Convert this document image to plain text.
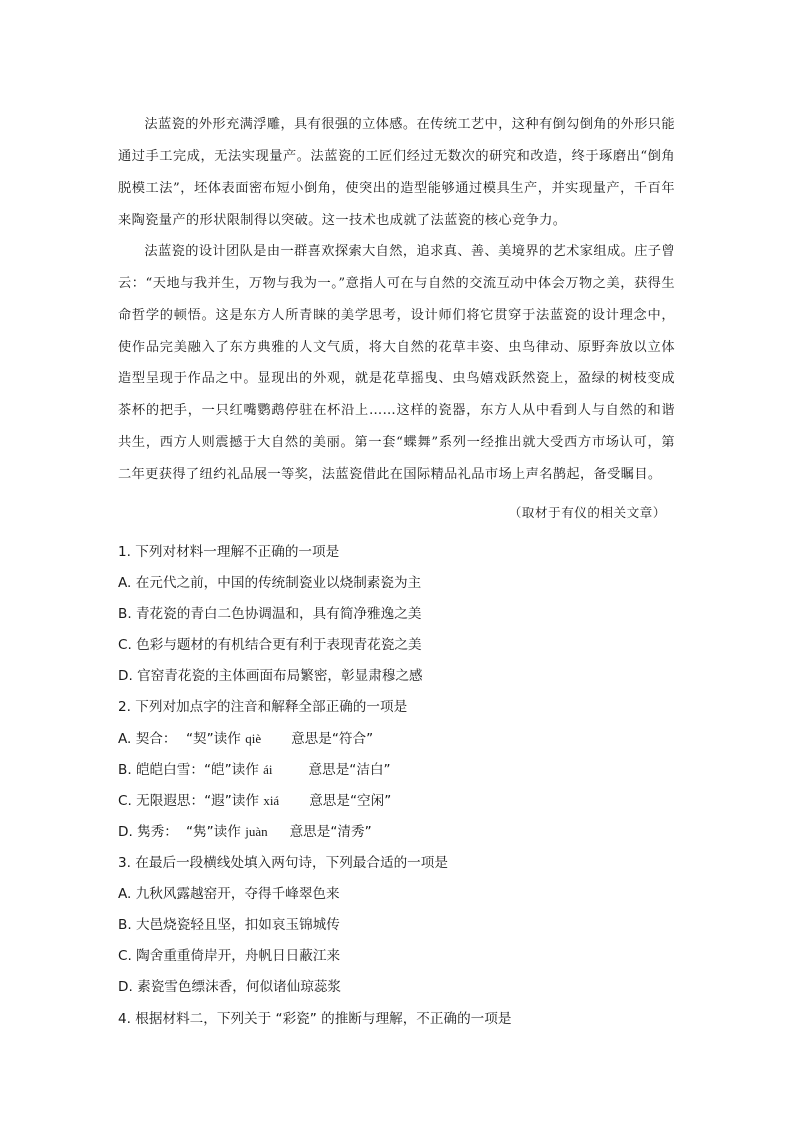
法蓝瓷的外形充满浮雕，具有很强的立体感。在传统工艺中，这种有倒勾倒角的外形只能通过手工完成，无法实现量产。法蓝瓷的工匠们经过无数次的研究和改造，终于琢磨出“倒角脱模工法”，坯体表面密布短小倒角，使突出的造型能够通过模具生产，并实现量产，千百年来陶瓷量产的形状限制得以突破。这一技术也成就了法蓝瓷的核心竞争力。

法蓝瓷的设计团队是由一群喜欢探索大自然，追求真、善、美境界的艺术家组成。庄子曾云：“天地与我并生，万物与我为一。”意指人可在与自然的交流互动中体会万物之美，获得生命哲学的顿悟。这是东方人所青睐的美学思考，设计师们将它贯穿于法蓝瓷的设计理念中，使作品完美融入了东方典雅的人文气质，将大自然的花草丰姿、虫鸟律动、原野奔放以立体造型呈现于作品之中。显现出的外观，就是花草摇曳、虫鸟嬉戏跃然瓷上，盈绿的树枝变成茶杯的把手，一只红嘴鹦鹉停驻在杯沿上……这样的瓷器，东方人从中看到人与自然的和谐共生，西方人则震撼于大自然的美丽。第一套“蝶舞”系列一经推出就大受西方市场认可，第二年更获得了纽约礼品展一等奖，法蓝瓷借此在国际精品礼品市场上声名鹊起，备受瞩目。

（取材于有仪的相关文章）
1. 下列对材料一理解不正确的一项是
A. 在元代之前，中国的传统制瓷业以烧制素瓷为主
B. 青花瓷的青白二色协调温和，具有简净雅逸之美
C. 色彩与题材的有机结合更有利于表现青花瓷之美
D. 官窑青花瓷的主体画面布局繁密，彰显肃穆之感
2. 下列对加点字的注音和解释全部正确的一项是
A. 契合： “契”读作 qiè 意思是“符合”
B. 皑皑白雪：“皑”读作 ái	意思是“洁白”
C. 无限遐思：“遐”读作 xiá 意思是“空闲”
D. 隽秀： “隽”读作 juàn 意思是“清秀”
3. 在最后一段横线处填入两句诗，下列最合适的一项是
A. 九秋风露越窑开，夺得千峰翠色来
B. 大邑烧瓷轻且坚，扣如哀玉锦城传
C. 陶舍重重倚岸开，舟帆日日蔽江来
D. 素瓷雪色缥沫香，何似诸仙琼蕊浆
4. 根据材料二，下列关于 “彩瓷” 的推断与理解，不正确的一项是
